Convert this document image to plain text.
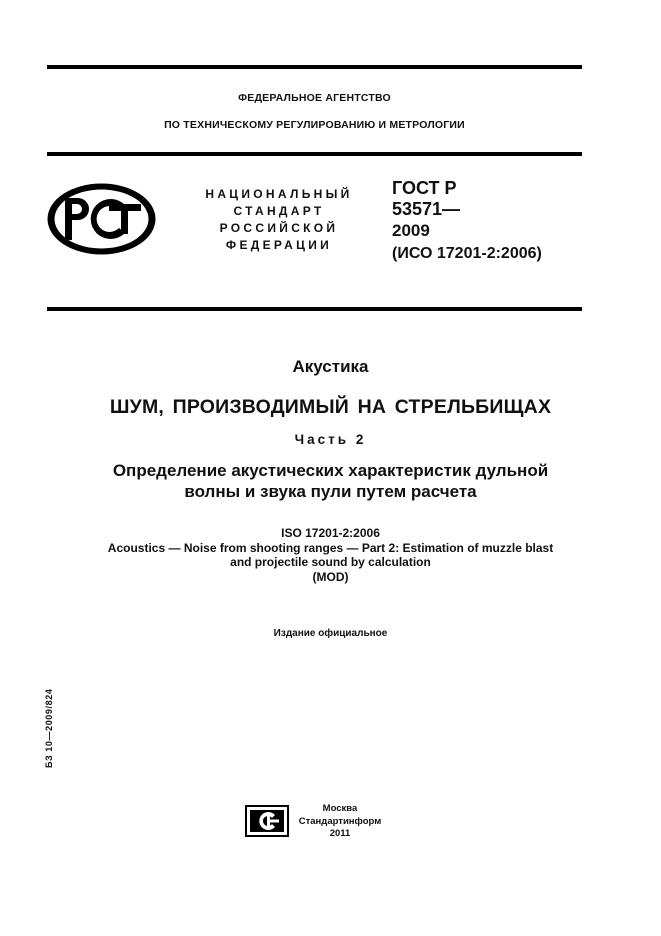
ФЕДЕРАЛЬНОЕ АГЕНТСТВО
ПО ТЕХНИЧЕСКОМУ РЕГУЛИРОВАНИЮ И МЕТРОЛОГИИ
НАЦИОНАЛЬНЫЙ
СТАНДАРТ
РОССИЙСКОЙ
ФЕДЕРАЦИИ
ГОСТ Р
53571—
2009
(ИСО 17201-2:2006)
Акустика
ШУМ, ПРОИЗВОДИМЫЙ НА СТРЕЛЬБИЩАХ
Часть 2
Определение акустических характеристик дульной
волны и звука пули путем расчета
ISO 17201-2:2006
Acoustics — Noise from shooting ranges — Part 2: Estimation of muzzle blast
and projectile sound by calculation
(MOD)
Издание официальное
БЗ 10—2009/824
Москва
Стандартинформ
2011
